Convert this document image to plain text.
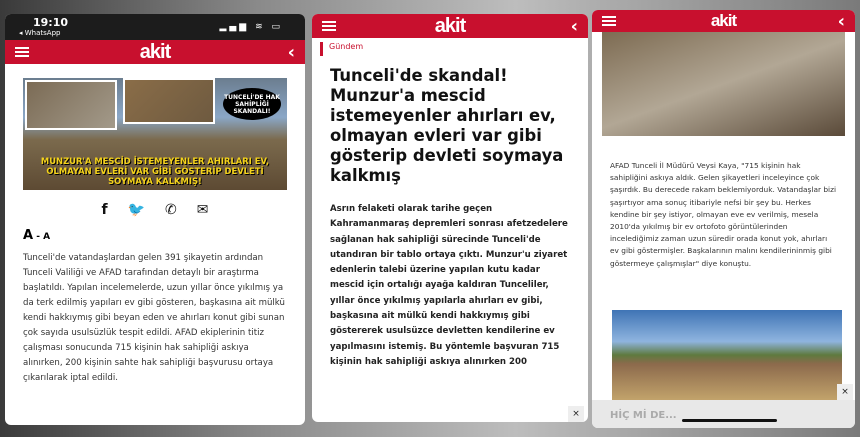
19:10
◂ WhatsApp
▂▄▆ ≋ ▭
akit	‹
TUNCELİ'DE HAK SAHİPLİĞİ SKANDALI!
MUNZUR'A MESCİD İSTEMEYENLER AHIRLARI EV, OLMAYAN EVLERİ VAR GİBİ GÖSTERİP DEVLETİ SOYMAYA KALKMIŞ!
f 🐦 ✆ ✉
A - A

Tunceli'de vatandaşlardan gelen 391 şikayetin ardından Tunceli Valiliği ve AFAD tarafından detaylı bir araştırma başlatıldı. Yapılan incelemelerde, uzun yıllar önce yıkılmış ya da terk edilmiş yapıları ev gibi gösteren, başkasına ait mülkü kendi hakkıymış gibi beyan eden ve ahırları konut gibi sunan çok sayıda usulsüzlük tespit edildi. AFAD ekiplerinin titiz çalışması sonucunda 715 kişinin hak sahipliği askıya alınırken, 200 kişinin sahte hak sahipliği başvurusu ortaya çıkarılarak iptal edildi.

akit	‹
Gündem
Tunceli'de skandal! Munzur'a mescid istemeyenler ahırları ev, olmayan evleri var gibi gösterip devleti soymaya kalkmış

Asrın felaketi olarak tarihe geçen Kahramanmaraş depremleri sonrası afetzedelere sağlanan hak sahipliği sürecinde Tunceli'de utandıran bir tablo ortaya çıktı. Munzur'u ziyaret edenlerin talebi üzerine yapılan kutu kadar mescid için ortalığı ayağa kaldıran Tunceliler, yıllar önce yıkılmış yapılarla ahırları ev gibi, başkasına ait mülkü kendi hakkıymış gibi göstererek usulsüzce devletten kendilerine ev yapılmasını istemiş. Bu yöntemle başvuran 715 kişinin hak sahipliği askıya alınırken 200

×
akit	‹

AFAD Tunceli İl Müdürü Veysi Kaya, "715 kişinin hak sahipliğini askıya aldık. Gelen şikayetleri inceleyince çok şaşırdık. Bu derecede rakam beklemiyorduk. Vatandaşlar bizi şaşırtıyor ama sonuç itibariyle nefsi bir şey bu. Herkes kendine bir şey istiyor, olmayan eve ev verilmiş, mesela 2010'da yıkılmış bir ev ortofoto görüntülerinden incelediğimiz zaman uzun süredir orada konut yok, ahırları ev gibi göstermişler. Başkalarının malını kendilerininmiş gibi göstermeye çalışmışlar" diye konuştu.

HİÇ Mİ DE...
×
